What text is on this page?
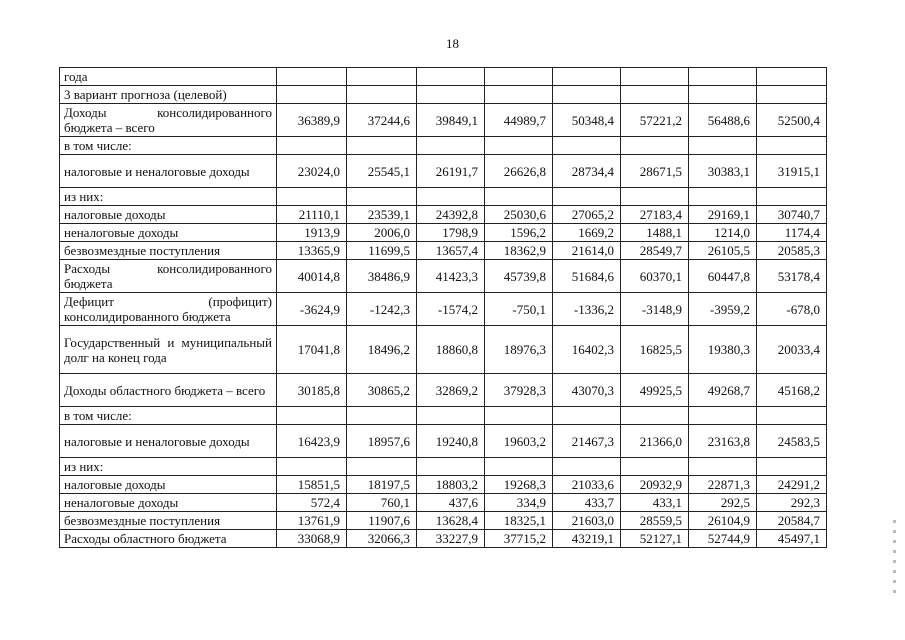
18
года								
3 вариант прогноза (целевой)								
Доходы консолидированного бюджета – всего	36389,9	37244,6	39849,1	44989,7	50348,4	57221,2	56488,6	52500,4
в том числе:								
налоговые и неналоговые доходы	23024,0	25545,1	26191,7	26626,8	28734,4	28671,5	30383,1	31915,1
из них:								
налоговые доходы	21110,1	23539,1	24392,8	25030,6	27065,2	27183,4	29169,1	30740,7
неналоговые доходы	1913,9	2006,0	1798,9	1596,2	1669,2	1488,1	1214,0	1174,4
безвозмездные поступления	13365,9	11699,5	13657,4	18362,9	21614,0	28549,7	26105,5	20585,3
Расходы консолидированного бюджета	40014,8	38486,9	41423,3	45739,8	51684,6	60370,1	60447,8	53178,4
Дефицит (профицит) консолидированного бюджета	-3624,9	-1242,3	-1574,2	-750,1	-1336,2	-3148,9	-3959,2	-678,0
Государственный и муниципальный долг на конец года	17041,8	18496,2	18860,8	18976,3	16402,3	16825,5	19380,3	20033,4
Доходы областного бюджета – всего	30185,8	30865,2	32869,2	37928,3	43070,3	49925,5	49268,7	45168,2
в том числе:								
налоговые и неналоговые доходы	16423,9	18957,6	19240,8	19603,2	21467,3	21366,0	23163,8	24583,5
из них:								
налоговые доходы	15851,5	18197,5	18803,2	19268,3	21033,6	20932,9	22871,3	24291,2
неналоговые доходы	572,4	760,1	437,6	334,9	433,7	433,1	292,5	292,3
безвозмездные поступления	13761,9	11907,6	13628,4	18325,1	21603,0	28559,5	26104,9	20584,7
Расходы областного бюджета	33068,9	32066,3	33227,9	37715,2	43219,1	52127,1	52744,9	45497,1
